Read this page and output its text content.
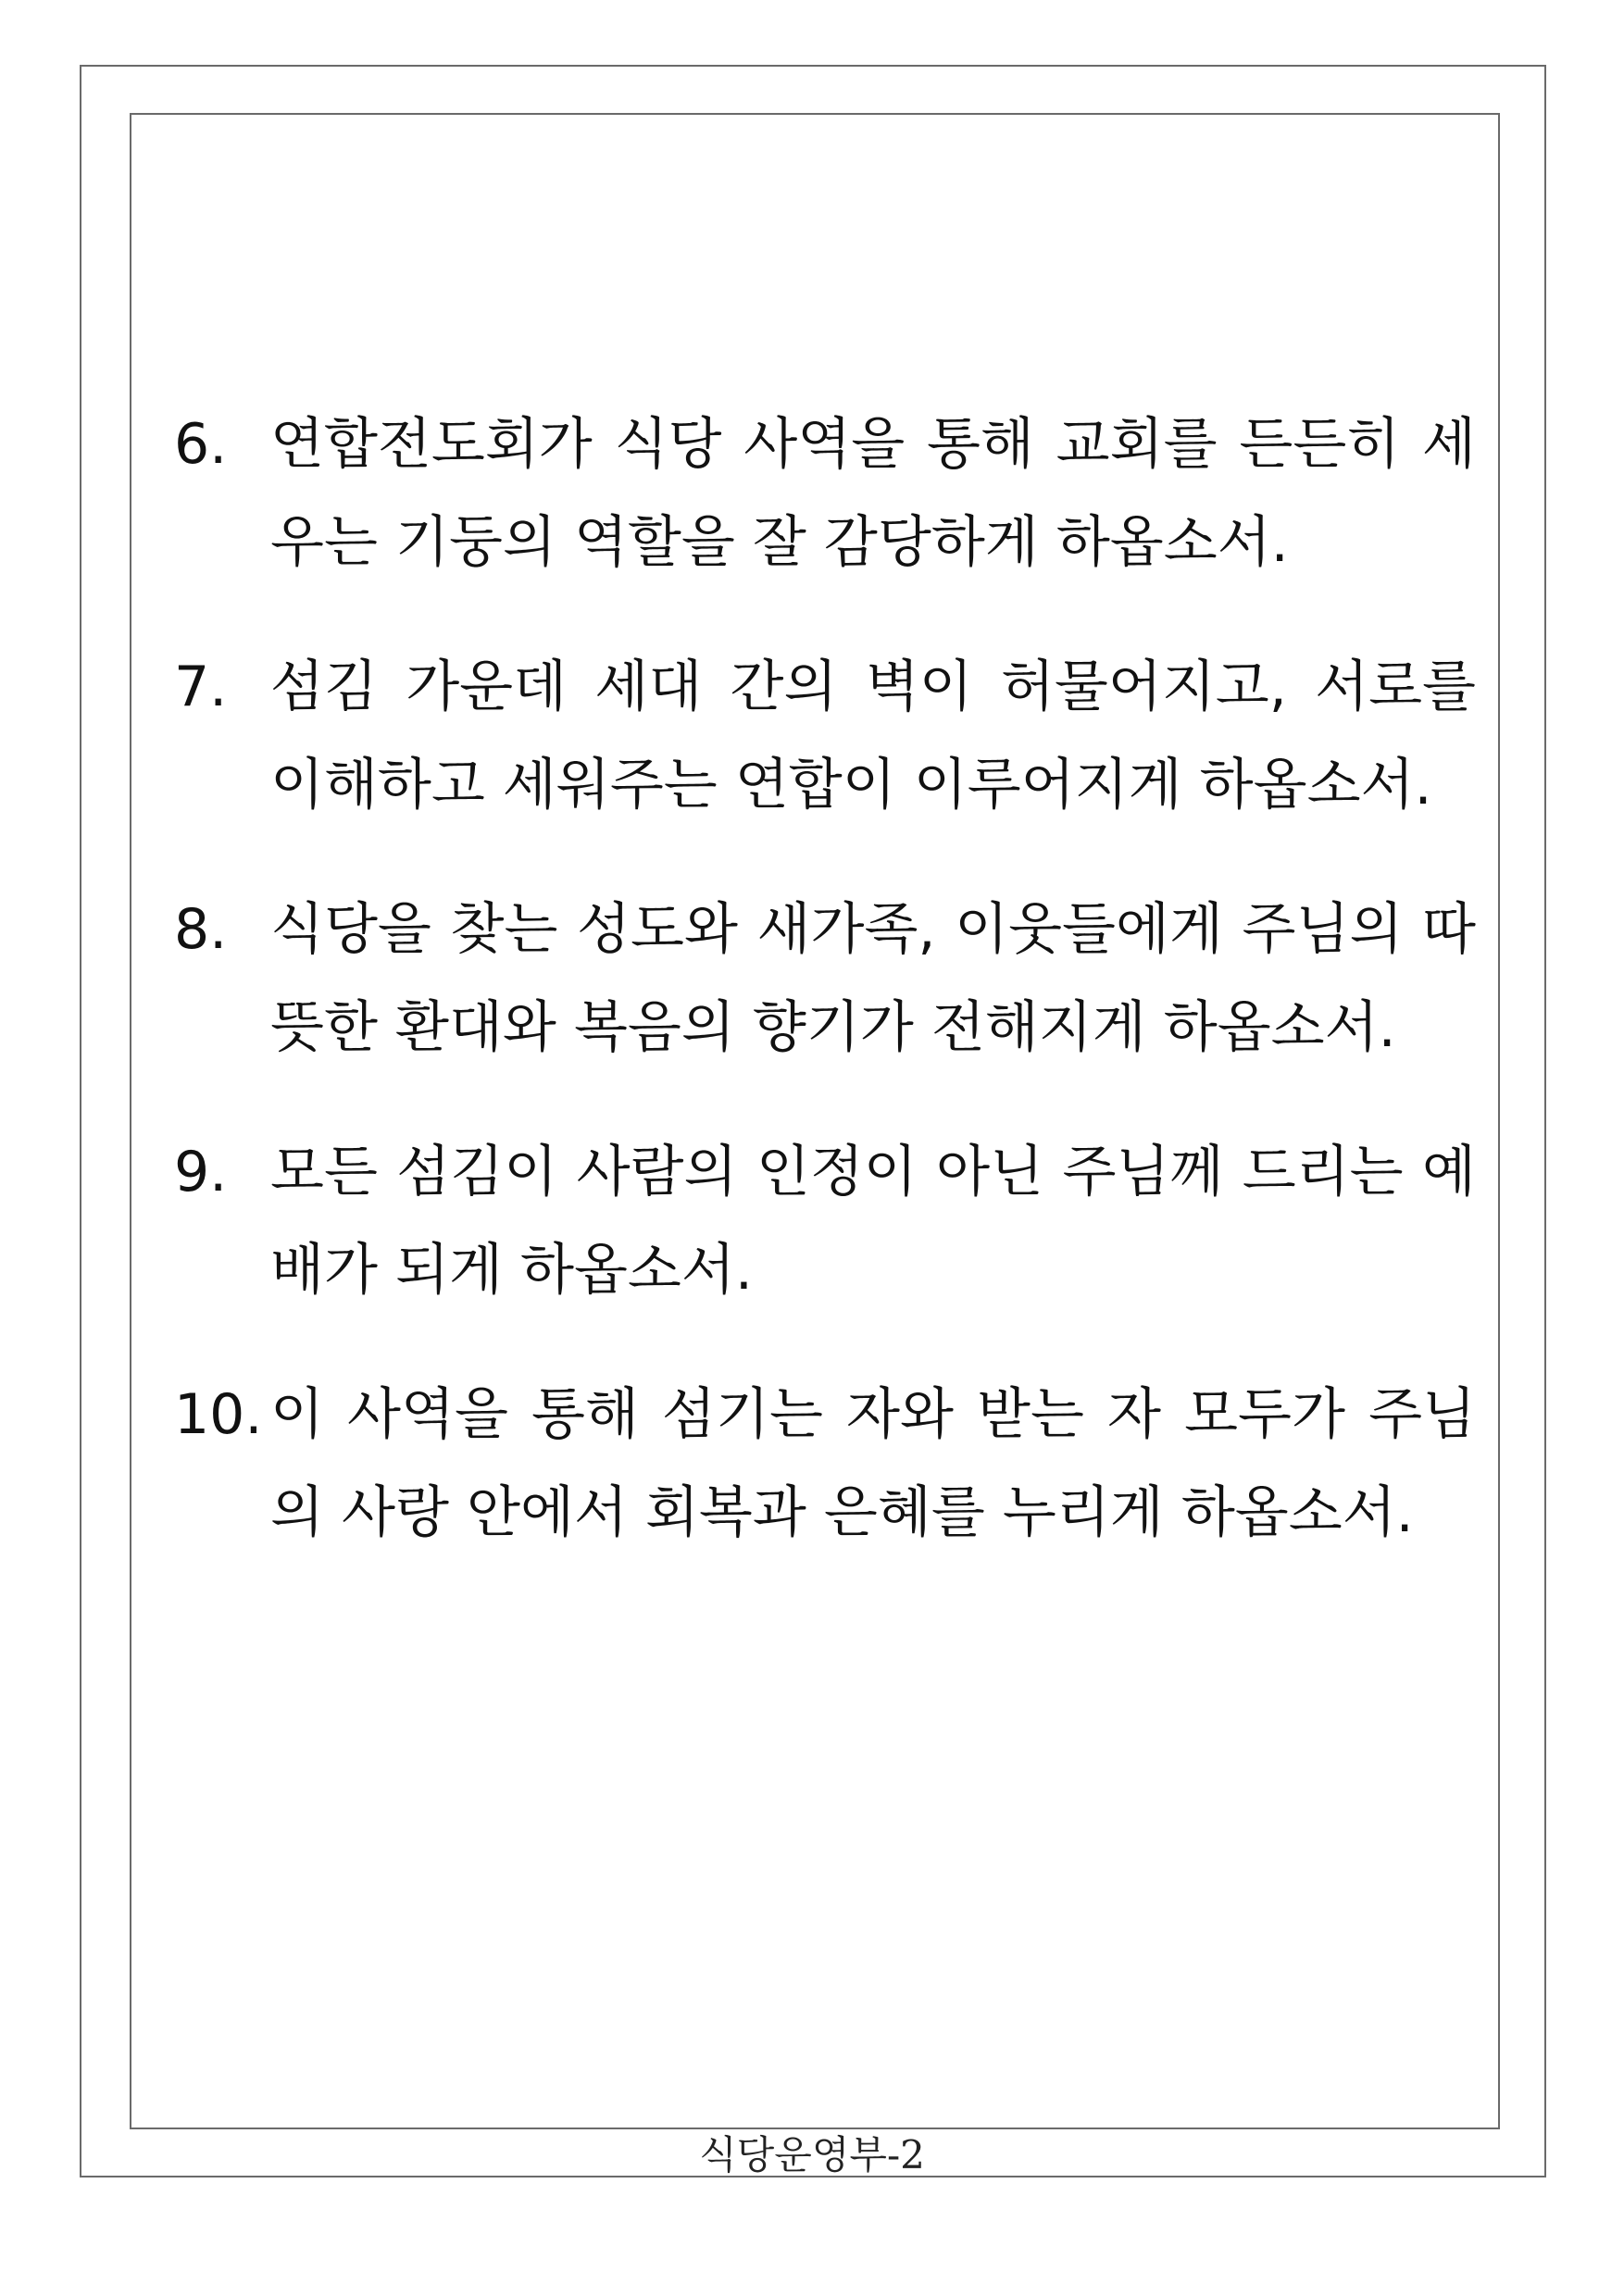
6. 연합전도회가 식당 사역을 통해 교회를 든든히 세우는 기둥의 역할을 잘 감당하게 하옵소서.
7. 섬김 가운데 세대 간의 벽이 허물어지고, 서로를 이해하고 세워주는 연합이 이루어지게 하옵소서.
8. 식당을 찾는 성도와 새가족, 이웃들에게 주님의 따뜻한 환대와 복음의 향기가 전해지게 하옵소서.
9. 모든 섬김이 사람의 인정이 아닌 주님께 드리는 예배가 되게 하옵소서.
10. 이 사역을 통해 섬기는 자와 받는 자 모두가 주님의 사랑 안에서 회복과 은혜를 누리게 하옵소서.
식당운영부-2
